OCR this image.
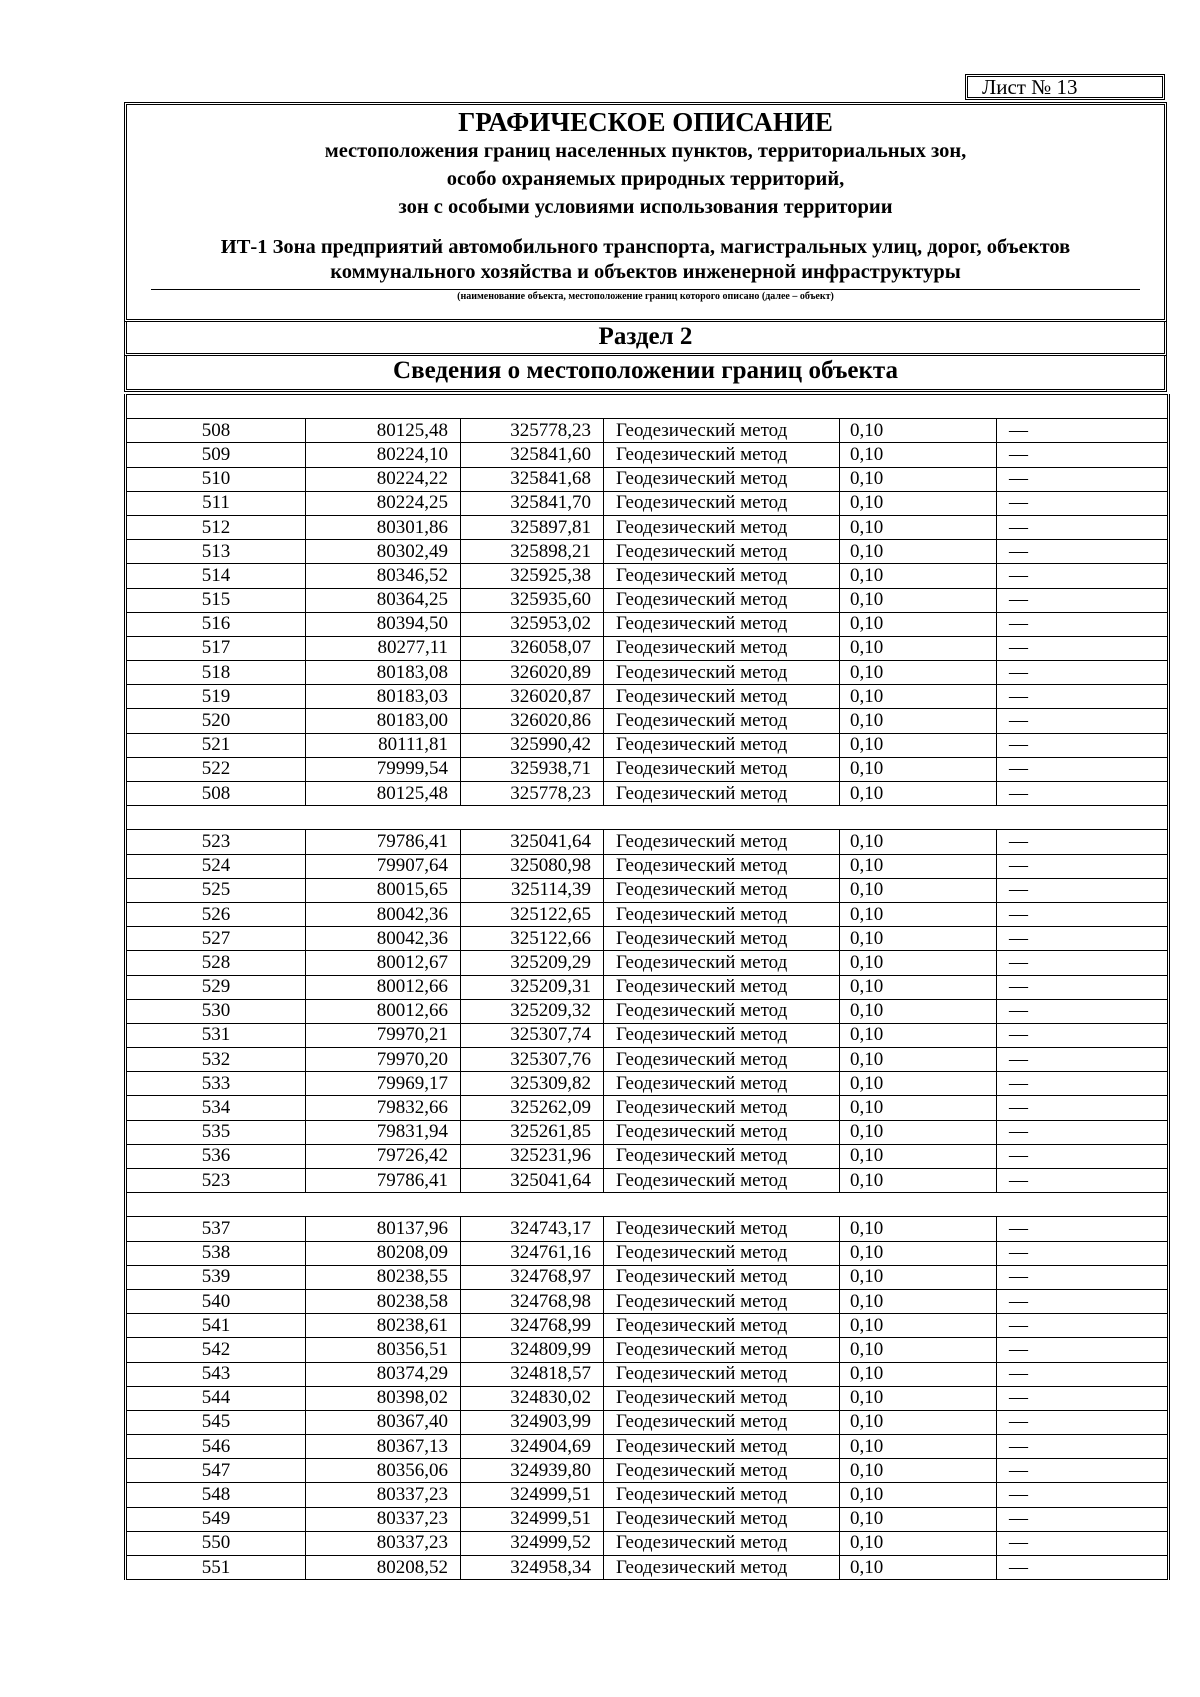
Лист № 13
ГРАФИЧЕСКОЕ ОПИСАНИЕ
местоположения границ населенных пунктов, территориальных зон,
особо охраняемых природных территорий,
зон с особыми условиями использования территории
ИТ-1 Зона предприятий автомобильного транспорта, магистральных улиц, дорог, объектов
коммунального хозяйства и объектов инженерной инфраструктуры
(наименование объекта, местоположение границ которого описано (далее – объект)
Раздел 2
Сведения о местоположении границ объекта

508	80125,48	325778,23	Геодезический метод	0,10	—
509	80224,10	325841,60	Геодезический метод	0,10	—
510	80224,22	325841,68	Геодезический метод	0,10	—
511	80224,25	325841,70	Геодезический метод	0,10	—
512	80301,86	325897,81	Геодезический метод	0,10	—
513	80302,49	325898,21	Геодезический метод	0,10	—
514	80346,52	325925,38	Геодезический метод	0,10	—
515	80364,25	325935,60	Геодезический метод	0,10	—
516	80394,50	325953,02	Геодезический метод	0,10	—
517	80277,11	326058,07	Геодезический метод	0,10	—
518	80183,08	326020,89	Геодезический метод	0,10	—
519	80183,03	326020,87	Геодезический метод	0,10	—
520	80183,00	326020,86	Геодезический метод	0,10	—
521	80111,81	325990,42	Геодезический метод	0,10	—
522	79999,54	325938,71	Геодезический метод	0,10	—
508	80125,48	325778,23	Геодезический метод	0,10	—

523	79786,41	325041,64	Геодезический метод	0,10	—
524	79907,64	325080,98	Геодезический метод	0,10	—
525	80015,65	325114,39	Геодезический метод	0,10	—
526	80042,36	325122,65	Геодезический метод	0,10	—
527	80042,36	325122,66	Геодезический метод	0,10	—
528	80012,67	325209,29	Геодезический метод	0,10	—
529	80012,66	325209,31	Геодезический метод	0,10	—
530	80012,66	325209,32	Геодезический метод	0,10	—
531	79970,21	325307,74	Геодезический метод	0,10	—
532	79970,20	325307,76	Геодезический метод	0,10	—
533	79969,17	325309,82	Геодезический метод	0,10	—
534	79832,66	325262,09	Геодезический метод	0,10	—
535	79831,94	325261,85	Геодезический метод	0,10	—
536	79726,42	325231,96	Геодезический метод	0,10	—
523	79786,41	325041,64	Геодезический метод	0,10	—

537	80137,96	324743,17	Геодезический метод	0,10	—
538	80208,09	324761,16	Геодезический метод	0,10	—
539	80238,55	324768,97	Геодезический метод	0,10	—
540	80238,58	324768,98	Геодезический метод	0,10	—
541	80238,61	324768,99	Геодезический метод	0,10	—
542	80356,51	324809,99	Геодезический метод	0,10	—
543	80374,29	324818,57	Геодезический метод	0,10	—
544	80398,02	324830,02	Геодезический метод	0,10	—
545	80367,40	324903,99	Геодезический метод	0,10	—
546	80367,13	324904,69	Геодезический метод	0,10	—
547	80356,06	324939,80	Геодезический метод	0,10	—
548	80337,23	324999,51	Геодезический метод	0,10	—
549	80337,23	324999,51	Геодезический метод	0,10	—
550	80337,23	324999,52	Геодезический метод	0,10	—
551	80208,52	324958,34	Геодезический метод	0,10	—
